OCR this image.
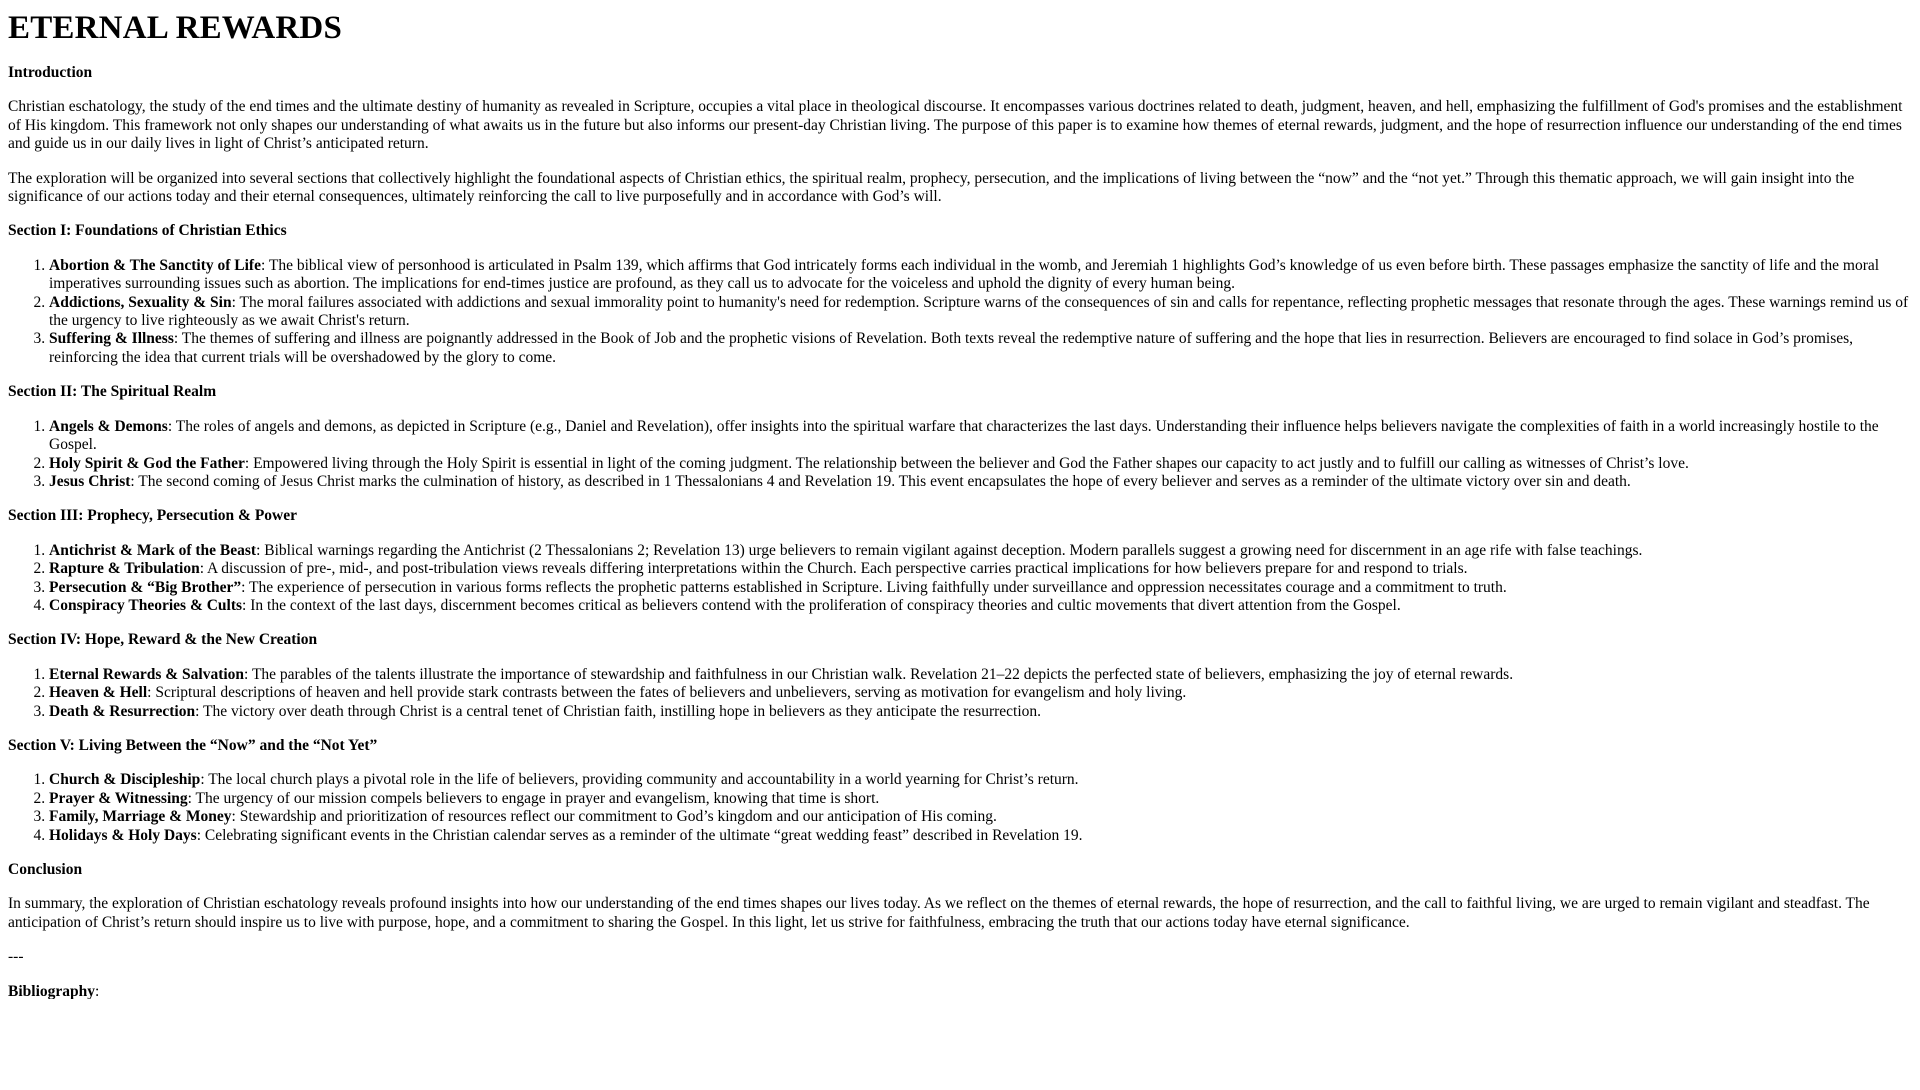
ETERNAL REWARDS

Introduction

Christian eschatology, the study of the end times and the ultimate destiny of humanity as revealed in Scripture, occupies a vital place in theological discourse. It encompasses various doctrines related to death, judgment, heaven, and hell, emphasizing the fulfillment of God's promises and the establishment of His kingdom. This framework not only shapes our understanding of what awaits us in the future but also informs our present-day Christian living. The purpose of this paper is to examine how themes of eternal rewards, judgment, and the hope of resurrection influence our understanding of the end times and guide us in our daily lives in light of Christ’s anticipated return.

The exploration will be organized into several sections that collectively highlight the foundational aspects of Christian ethics, the spiritual realm, prophecy, persecution, and the implications of living between the “now” and the “not yet.” Through this thematic approach, we will gain insight into the significance of our actions today and their eternal consequences, ultimately reinforcing the call to live purposefully and in accordance with God’s will.

Section I: Foundations of Christian Ethics

1. Abortion & The Sanctity of Life: The biblical view of personhood is articulated in Psalm 139, which affirms that God intricately forms each individual in the womb, and Jeremiah 1 highlights God’s knowledge of us even before birth. These passages emphasize the sanctity of life and the moral imperatives surrounding issues such as abortion. The implications for end-times justice are profound, as they call us to advocate for the voiceless and uphold the dignity of every human being.
2. Addictions, Sexuality & Sin: The moral failures associated with addictions and sexual immorality point to humanity's need for redemption. Scripture warns of the consequences of sin and calls for repentance, reflecting prophetic messages that resonate through the ages. These warnings remind us of the urgency to live righteously as we await Christ's return.
3. Suffering & Illness: The themes of suffering and illness are poignantly addressed in the Book of Job and the prophetic visions of Revelation. Both texts reveal the redemptive nature of suffering and the hope that lies in resurrection. Believers are encouraged to find solace in God’s promises, reinforcing the idea that current trials will be overshadowed by the glory to come.

Section II: The Spiritual Realm

1. Angels & Demons: The roles of angels and demons, as depicted in Scripture (e.g., Daniel and Revelation), offer insights into the spiritual warfare that characterizes the last days. Understanding their influence helps believers navigate the complexities of faith in a world increasingly hostile to the Gospel.
2. Holy Spirit & God the Father: Empowered living through the Holy Spirit is essential in light of the coming judgment. The relationship between the believer and God the Father shapes our capacity to act justly and to fulfill our calling as witnesses of Christ’s love.
3. Jesus Christ: The second coming of Jesus Christ marks the culmination of history, as described in 1 Thessalonians 4 and Revelation 19. This event encapsulates the hope of every believer and serves as a reminder of the ultimate victory over sin and death.

Section III: Prophecy, Persecution & Power

1. Antichrist & Mark of the Beast: Biblical warnings regarding the Antichrist (2 Thessalonians 2; Revelation 13) urge believers to remain vigilant against deception. Modern parallels suggest a growing need for discernment in an age rife with false teachings.
2. Rapture & Tribulation: A discussion of pre-, mid-, and post-tribulation views reveals differing interpretations within the Church. Each perspective carries practical implications for how believers prepare for and respond to trials.
3. Persecution & “Big Brother”: The experience of persecution in various forms reflects the prophetic patterns established in Scripture. Living faithfully under surveillance and oppression necessitates courage and a commitment to truth.
4. Conspiracy Theories & Cults: In the context of the last days, discernment becomes critical as believers contend with the proliferation of conspiracy theories and cultic movements that divert attention from the Gospel.

Section IV: Hope, Reward & the New Creation

1. Eternal Rewards & Salvation: The parables of the talents illustrate the importance of stewardship and faithfulness in our Christian walk. Revelation 21–22 depicts the perfected state of believers, emphasizing the joy of eternal rewards.
2. Heaven & Hell: Scriptural descriptions of heaven and hell provide stark contrasts between the fates of believers and unbelievers, serving as motivation for evangelism and holy living.
3. Death & Resurrection: The victory over death through Christ is a central tenet of Christian faith, instilling hope in believers as they anticipate the resurrection.

Section V: Living Between the “Now” and the “Not Yet”

1. Church & Discipleship: The local church plays a pivotal role in the life of believers, providing community and accountability in a world yearning for Christ’s return.
2. Prayer & Witnessing: The urgency of our mission compels believers to engage in prayer and evangelism, knowing that time is short.
3. Family, Marriage & Money: Stewardship and prioritization of resources reflect our commitment to God’s kingdom and our anticipation of His coming.
4. Holidays & Holy Days: Celebrating significant events in the Christian calendar serves as a reminder of the ultimate “great wedding feast” described in Revelation 19.

Conclusion

In summary, the exploration of Christian eschatology reveals profound insights into how our understanding of the end times shapes our lives today. As we reflect on the themes of eternal rewards, the hope of resurrection, and the call to faithful living, we are urged to remain vigilant and steadfast. The anticipation of Christ’s return should inspire us to live with purpose, hope, and a commitment to sharing the Gospel. In this light, let us strive for faithfulness, embracing the truth that our actions today have eternal significance.

---

Bibliography:
